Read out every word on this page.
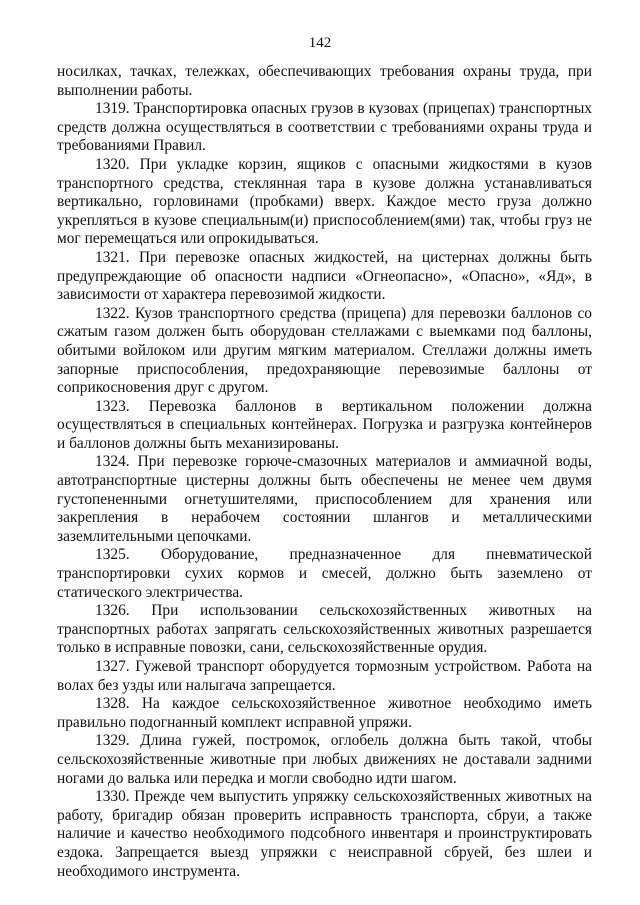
142

носилках, тачках, тележках, обеспечивающих требования охраны труда, при выполнении работы.

1319. Транспортировка опасных грузов в кузовах (прицепах) транспортных средств должна осуществляться в соответствии с требованиями охраны труда и требованиями Правил.

1320. При укладке корзин, ящиков с опасными жидкостями в кузов транспортного средства, стеклянная тара в кузове должна устанавливаться вертикально, горловинами (пробками) вверх. Каждое место груза должно укрепляться в кузове специальным(и) приспособлением(ями) так, чтобы груз не мог перемещаться или опрокидываться.

1321. При перевозке опасных жидкостей, на цистернах должны быть предупреждающие об опасности надписи «Огнеопасно», «Опасно», «Яд», в зависимости от характера перевозимой жидкости.

1322. Кузов транспортного средства (прицепа) для перевозки баллонов со сжатым газом должен быть оборудован стеллажами с выемками под баллоны, обитыми войлоком или другим мягким материалом. Стеллажи должны иметь запорные приспособления, предохраняющие перевозимые баллоны от соприкосновения друг с другом.

1323. Перевозка баллонов в вертикальном положении должна осуществляться в специальных контейнерах. Погрузка и разгрузка контейнеров и баллонов должны быть механизированы.

1324. При перевозке горюче-смазочных материалов и аммиачной воды, автотранспортные цистерны должны быть обеспечены не менее чем двумя густопененными огнетушителями, приспособлением для хранения или закрепления в нерабочем состоянии шлангов и металлическими заземлительными цепочками.

1325. Оборудование, предназначенное для пневматической транспортировки сухих кормов и смесей, должно быть заземлено от статического электричества.

1326. При использовании сельскохозяйственных животных на транспортных работах запрягать сельскохозяйственных животных разрешается только в исправные повозки, сани, сельскохозяйственные орудия.

1327. Гужевой транспорт оборудуется тормозным устройством. Работа на волах без узды или налыгача запрещается.

1328. На каждое сельскохозяйственное животное необходимо иметь правильно подогнанный комплект исправной упряжи.

1329. Длина гужей, постромок, оглобель должна быть такой, чтобы сельскохозяйственные животные при любых движениях не доставали задними ногами до валька или передка и могли свободно идти шагом.

1330. Прежде чем выпустить упряжку сельскохозяйственных животных на работу, бригадир обязан проверить исправность транспорта, сбруи, а также наличие и качество необходимого подсобного инвентаря и проинструктировать ездока. Запрещается выезд упряжки с неисправной сбруей, без шлеи и необходимого инструмента.
